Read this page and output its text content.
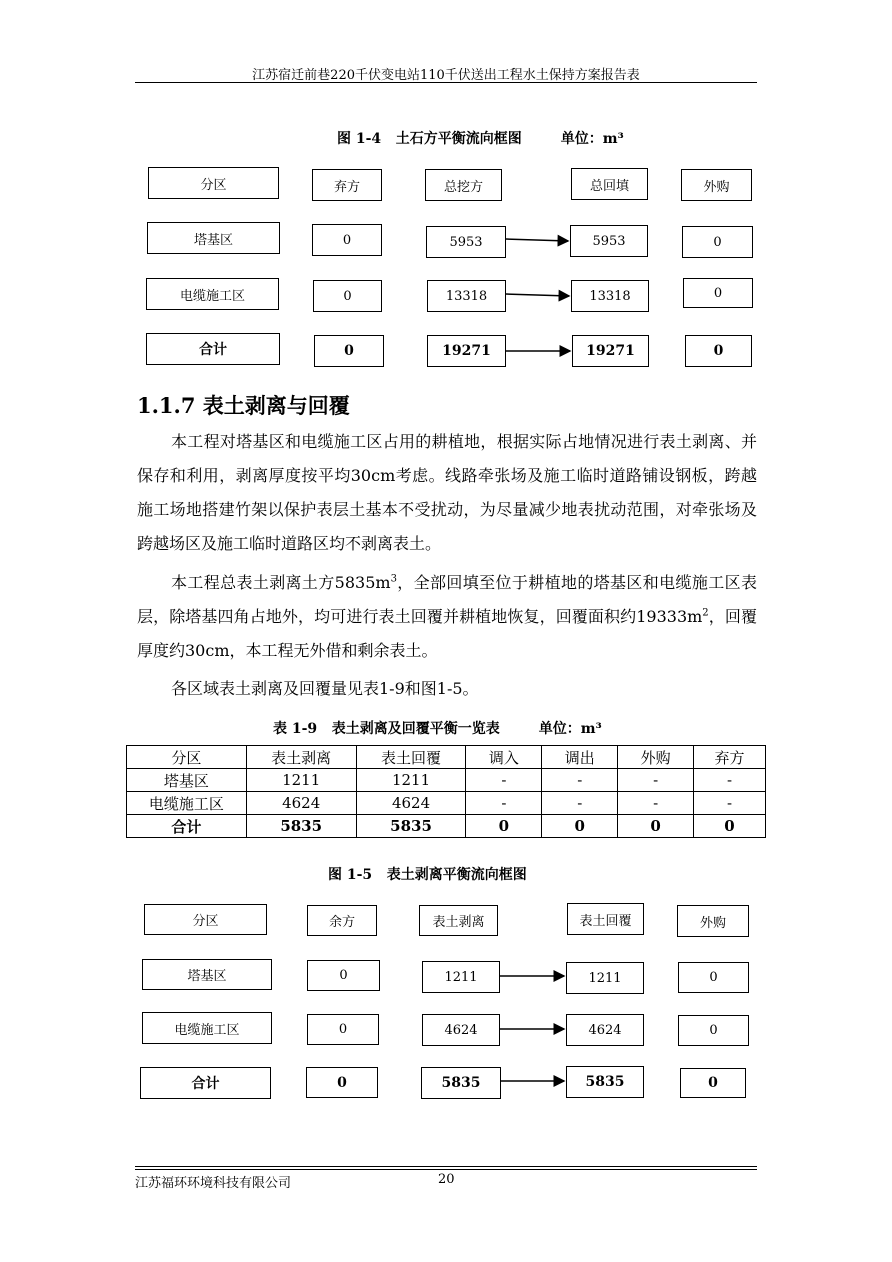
江苏宿迁前巷220千伏变电站110千伏送出工程水土保持方案报告表
图 1-4   土石方平衡流向框图        单位：m³
分区	弃方	总挖方	总回填	外购
塔基区	0	5953	5953	0
电缆施工区	0	13318	13318	0
合计	0	19271	19271	0
1.1.7 表土剥离与回覆
本工程对塔基区和电缆施工区占用的耕植地，根据实际占地情况进行表土剥离、并保存和利用，剥离厚度按平均30cm考虑。线路牵张场及施工临时道路铺设钢板，跨越施工场地搭建竹架以保护表层土基本不受扰动，为尽量减少地表扰动范围，对牵张场及跨越场区及施工临时道路区均不剥离表土。
本工程总表土剥离土方$5835m^3$，全部回填至位于耕植地的塔基区和电缆施工区表层，除塔基四角占地外，均可进行表土回覆并耕植地恢复，回覆面积约$19333m^2$，回覆厚度约30cm，本工程无外借和剩余表土。
各区域表土剥离及回覆量见表1-9和图1-5。
表 1-9   表土剥离及回覆平衡一览表        单位：m³
分区	表土剥离	表土回覆	调入	调出	外购	弃方
塔基区	1211	1211	-	-	-	-
电缆施工区	4624	4624	-	-	-	-
合计	5835	5835	0	0	0	0
图 1-5   表土剥离平衡流向框图
分区	余方	表土剥离	表土回覆	外购
塔基区	0	1211	1211	0
电缆施工区	0	4624	4624	0
合计	0	5835	5835	0
江苏福环环境科技有限公司	20
